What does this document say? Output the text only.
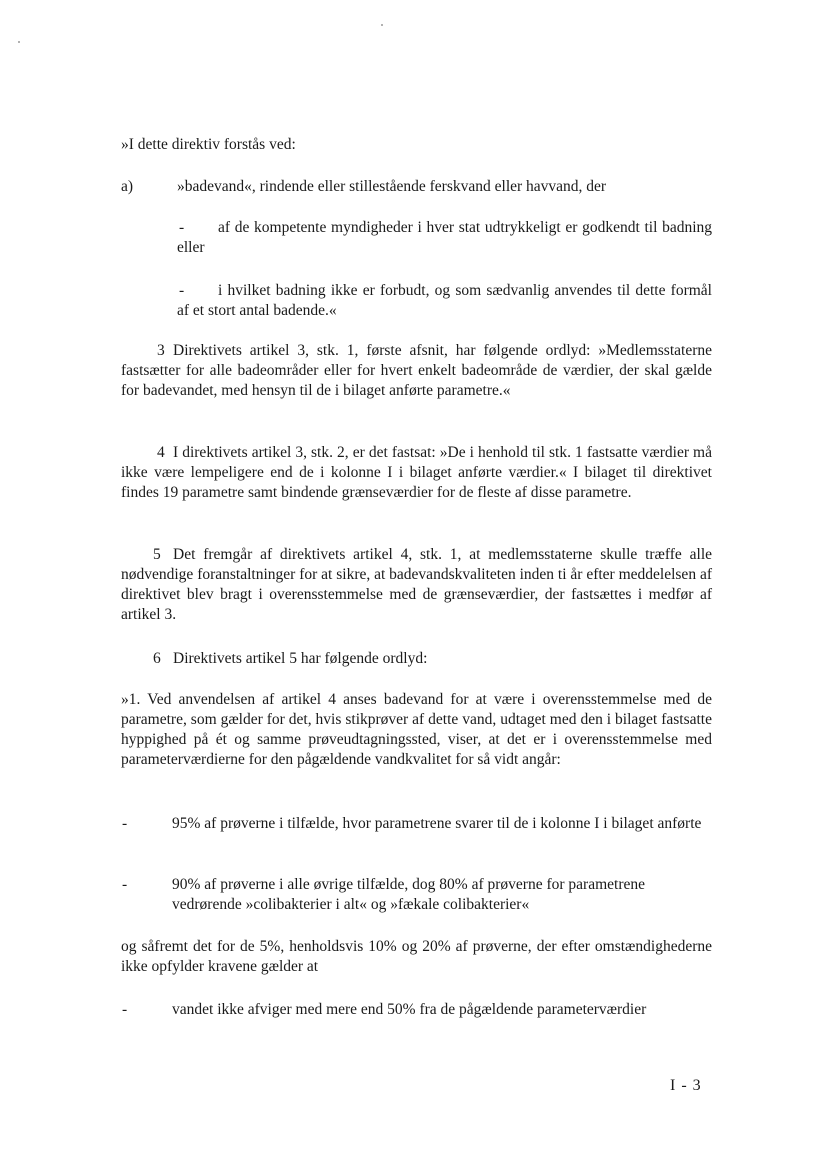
»I dette direktiv forstås ved:

a)	»badevand«, rindende eller stillestående ferskvand eller havvand, der

-	af de kompetente myndigheder i hver stat udtrykkeligt er godkendt til badning eller

-	i hvilket badning ikke er forbudt, og som sædvanlig anvendes til dette formål af et stort antal badende.«

3 Direktivets artikel 3, stk. 1, første afsnit, har følgende ordlyd: »Medlemsstaterne fastsætter for alle badeområder eller for hvert enkelt badeområde de værdier, der skal gælde for badevandet, med hensyn til de i bilaget anførte parametre.«

4 I direktivets artikel 3, stk. 2, er det fastsat: »De i henhold til stk. 1 fastsatte værdier må ikke være lempeligere end de i kolonne I i bilaget anførte værdier.« I bilaget til direktivet findes 19 parametre samt bindende grænseværdier for de fleste af disse parametre.

5 Det fremgår af direktivets artikel 4, stk. 1, at medlemsstaterne skulle træffe alle nødvendige foranstaltninger for at sikre, at badevandskvaliteten inden ti år efter meddelelsen af direktivet blev bragt i overensstemmelse med de grænseværdier, der fastsættes i medfør af artikel 3.

6 Direktivets artikel 5 har følgende ordlyd:

»1. Ved anvendelsen af artikel 4 anses badevand for at være i overensstemmelse med de parametre, som gælder for det, hvis stikprøver af dette vand, udtaget med den i bilaget fastsatte hyppighed på ét og samme prøveudtagningssted, viser, at det er i overensstemmelse med parameterværdierne for den pågældende vandkvalitet for så vidt angår:

-	95% af prøverne i tilfælde, hvor parametrene svarer til de i kolonne I i bilaget anførte

-	90% af prøverne i alle øvrige tilfælde, dog 80% af prøverne for parametrene vedrørende »colibakterier i alt« og »fækale colibakterier«

og såfremt det for de 5%, henholdsvis 10% og 20% af prøverne, der efter omstændighederne ikke opfylder kravene gælder at

-	vandet ikke afviger med mere end 50% fra de pågældende parameterværdier

I - 3
